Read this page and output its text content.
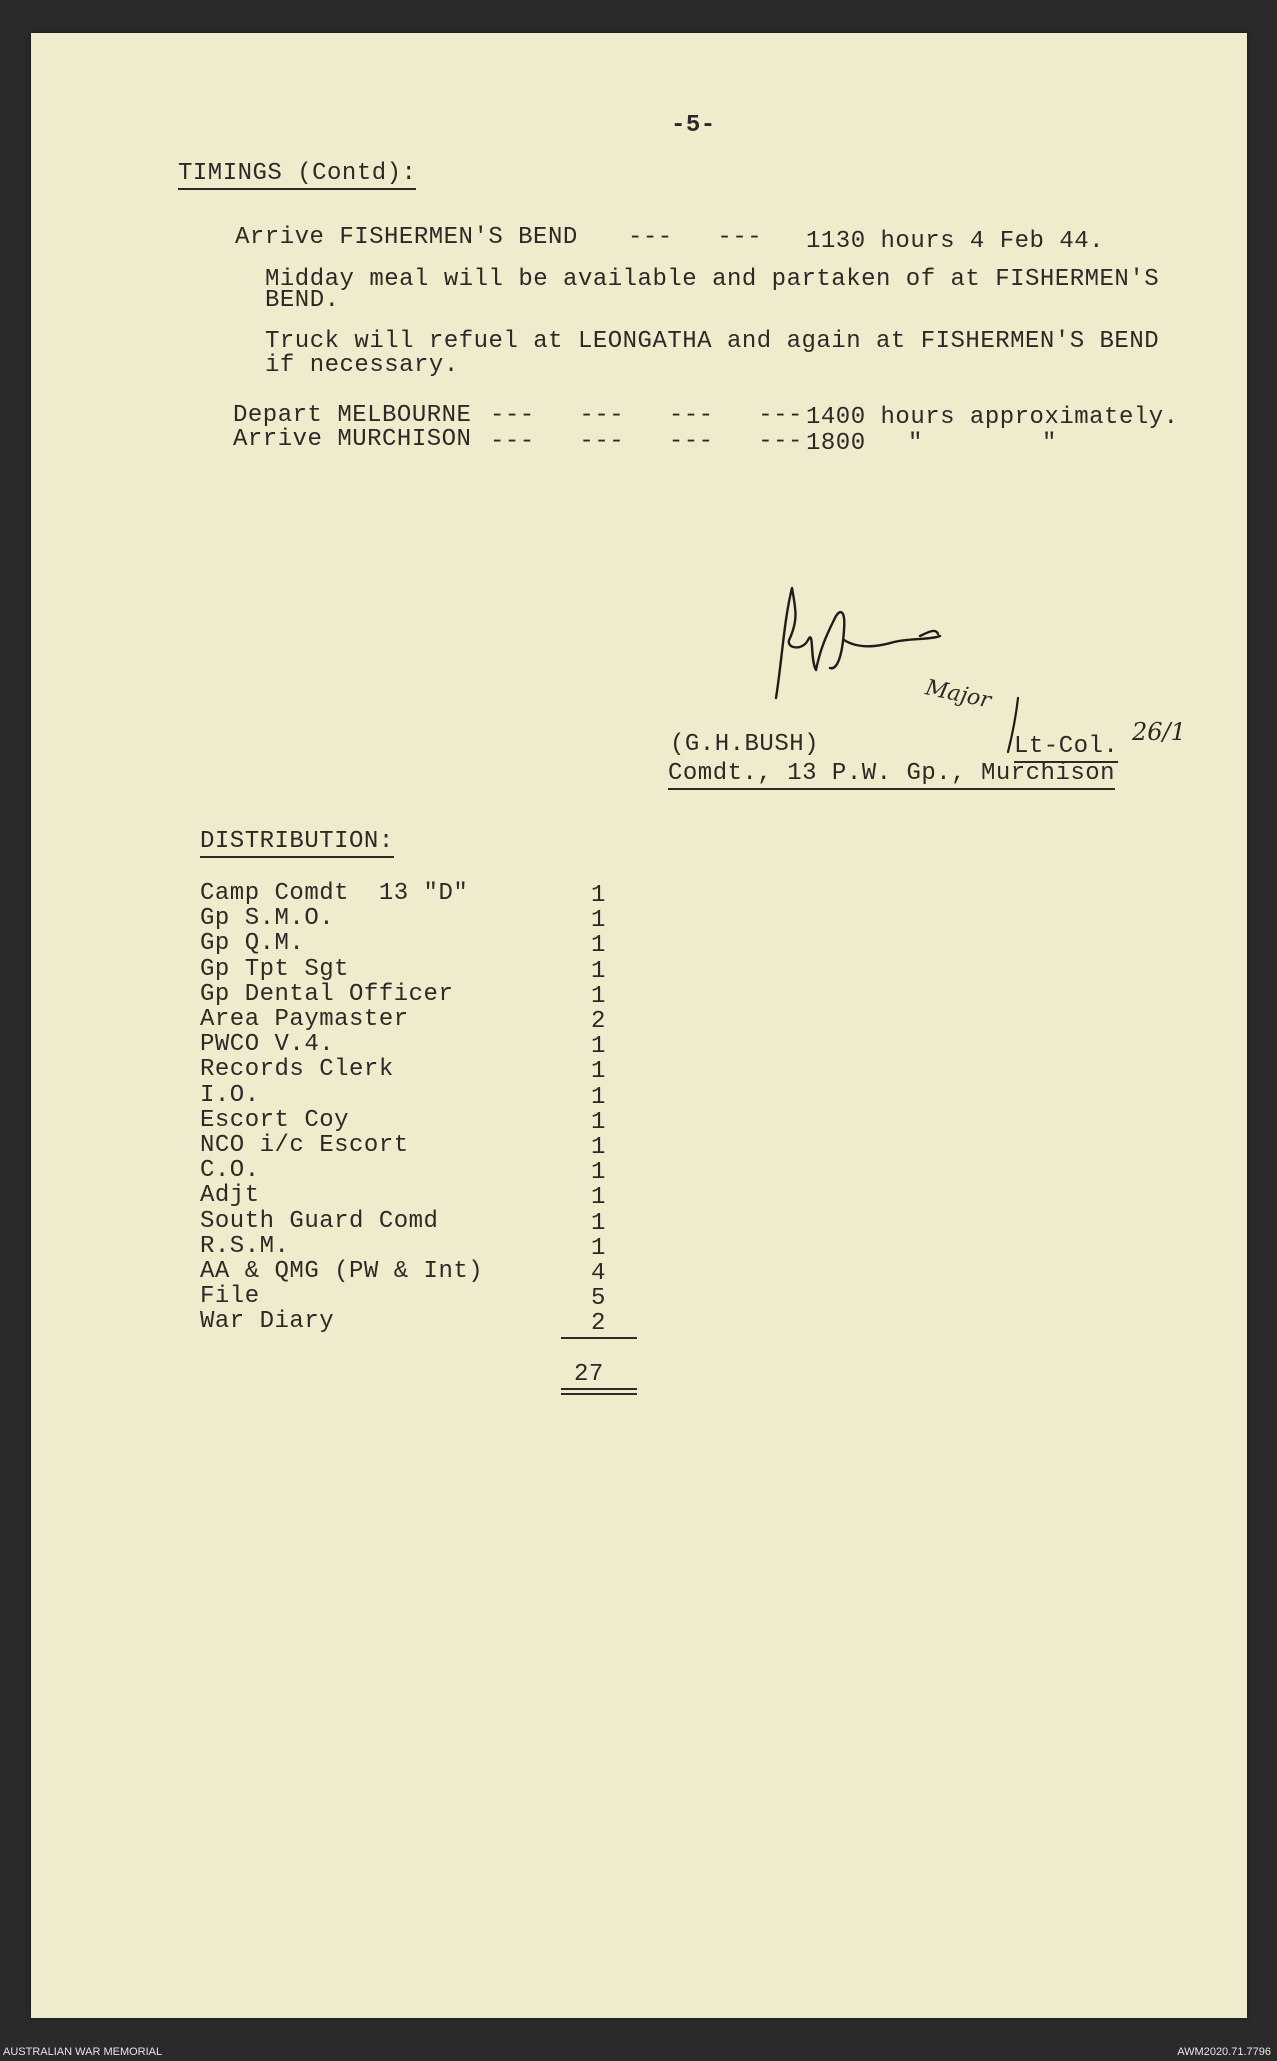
-5-
TIMINGS (Contd):
Arrive FISHERMEN'S BEND ---   --- 1130 hours 4 Feb 44.
Midday meal will be available and partaken of at FISHERMEN'S
BEND.
Truck will refuel at LEONGATHA and again at FISHERMEN'S BEND
if necessary.
Depart MELBOURNE ---   ---   ---   --- 1400 hours approximately.
Arrive MURCHISON ---   ---   ---   --- 1800 "	"
Major
(G.H.BUSH)	Lt-Col.
26/1
Comdt., 13 P.W. Gp., Murchison
DISTRIBUTION:
Camp Comdt  13 "D"	1
Gp S.M.O.	1
Gp Q.M.	1
Gp Tpt Sgt	1
Gp Dental Officer	1
Area Paymaster	2
PWCO V.4.	1
Records Clerk	1
I.O.	1
Escort Coy	1
NCO i/c Escort	1
C.O.	1
Adjt	1
South Guard Comd	1
R.S.M.	1
AA & QMG (PW & Int)	4
File	5
War Diary	2
27
AUSTRALIAN WAR MEMORIAL	AWM2020.71.7796
